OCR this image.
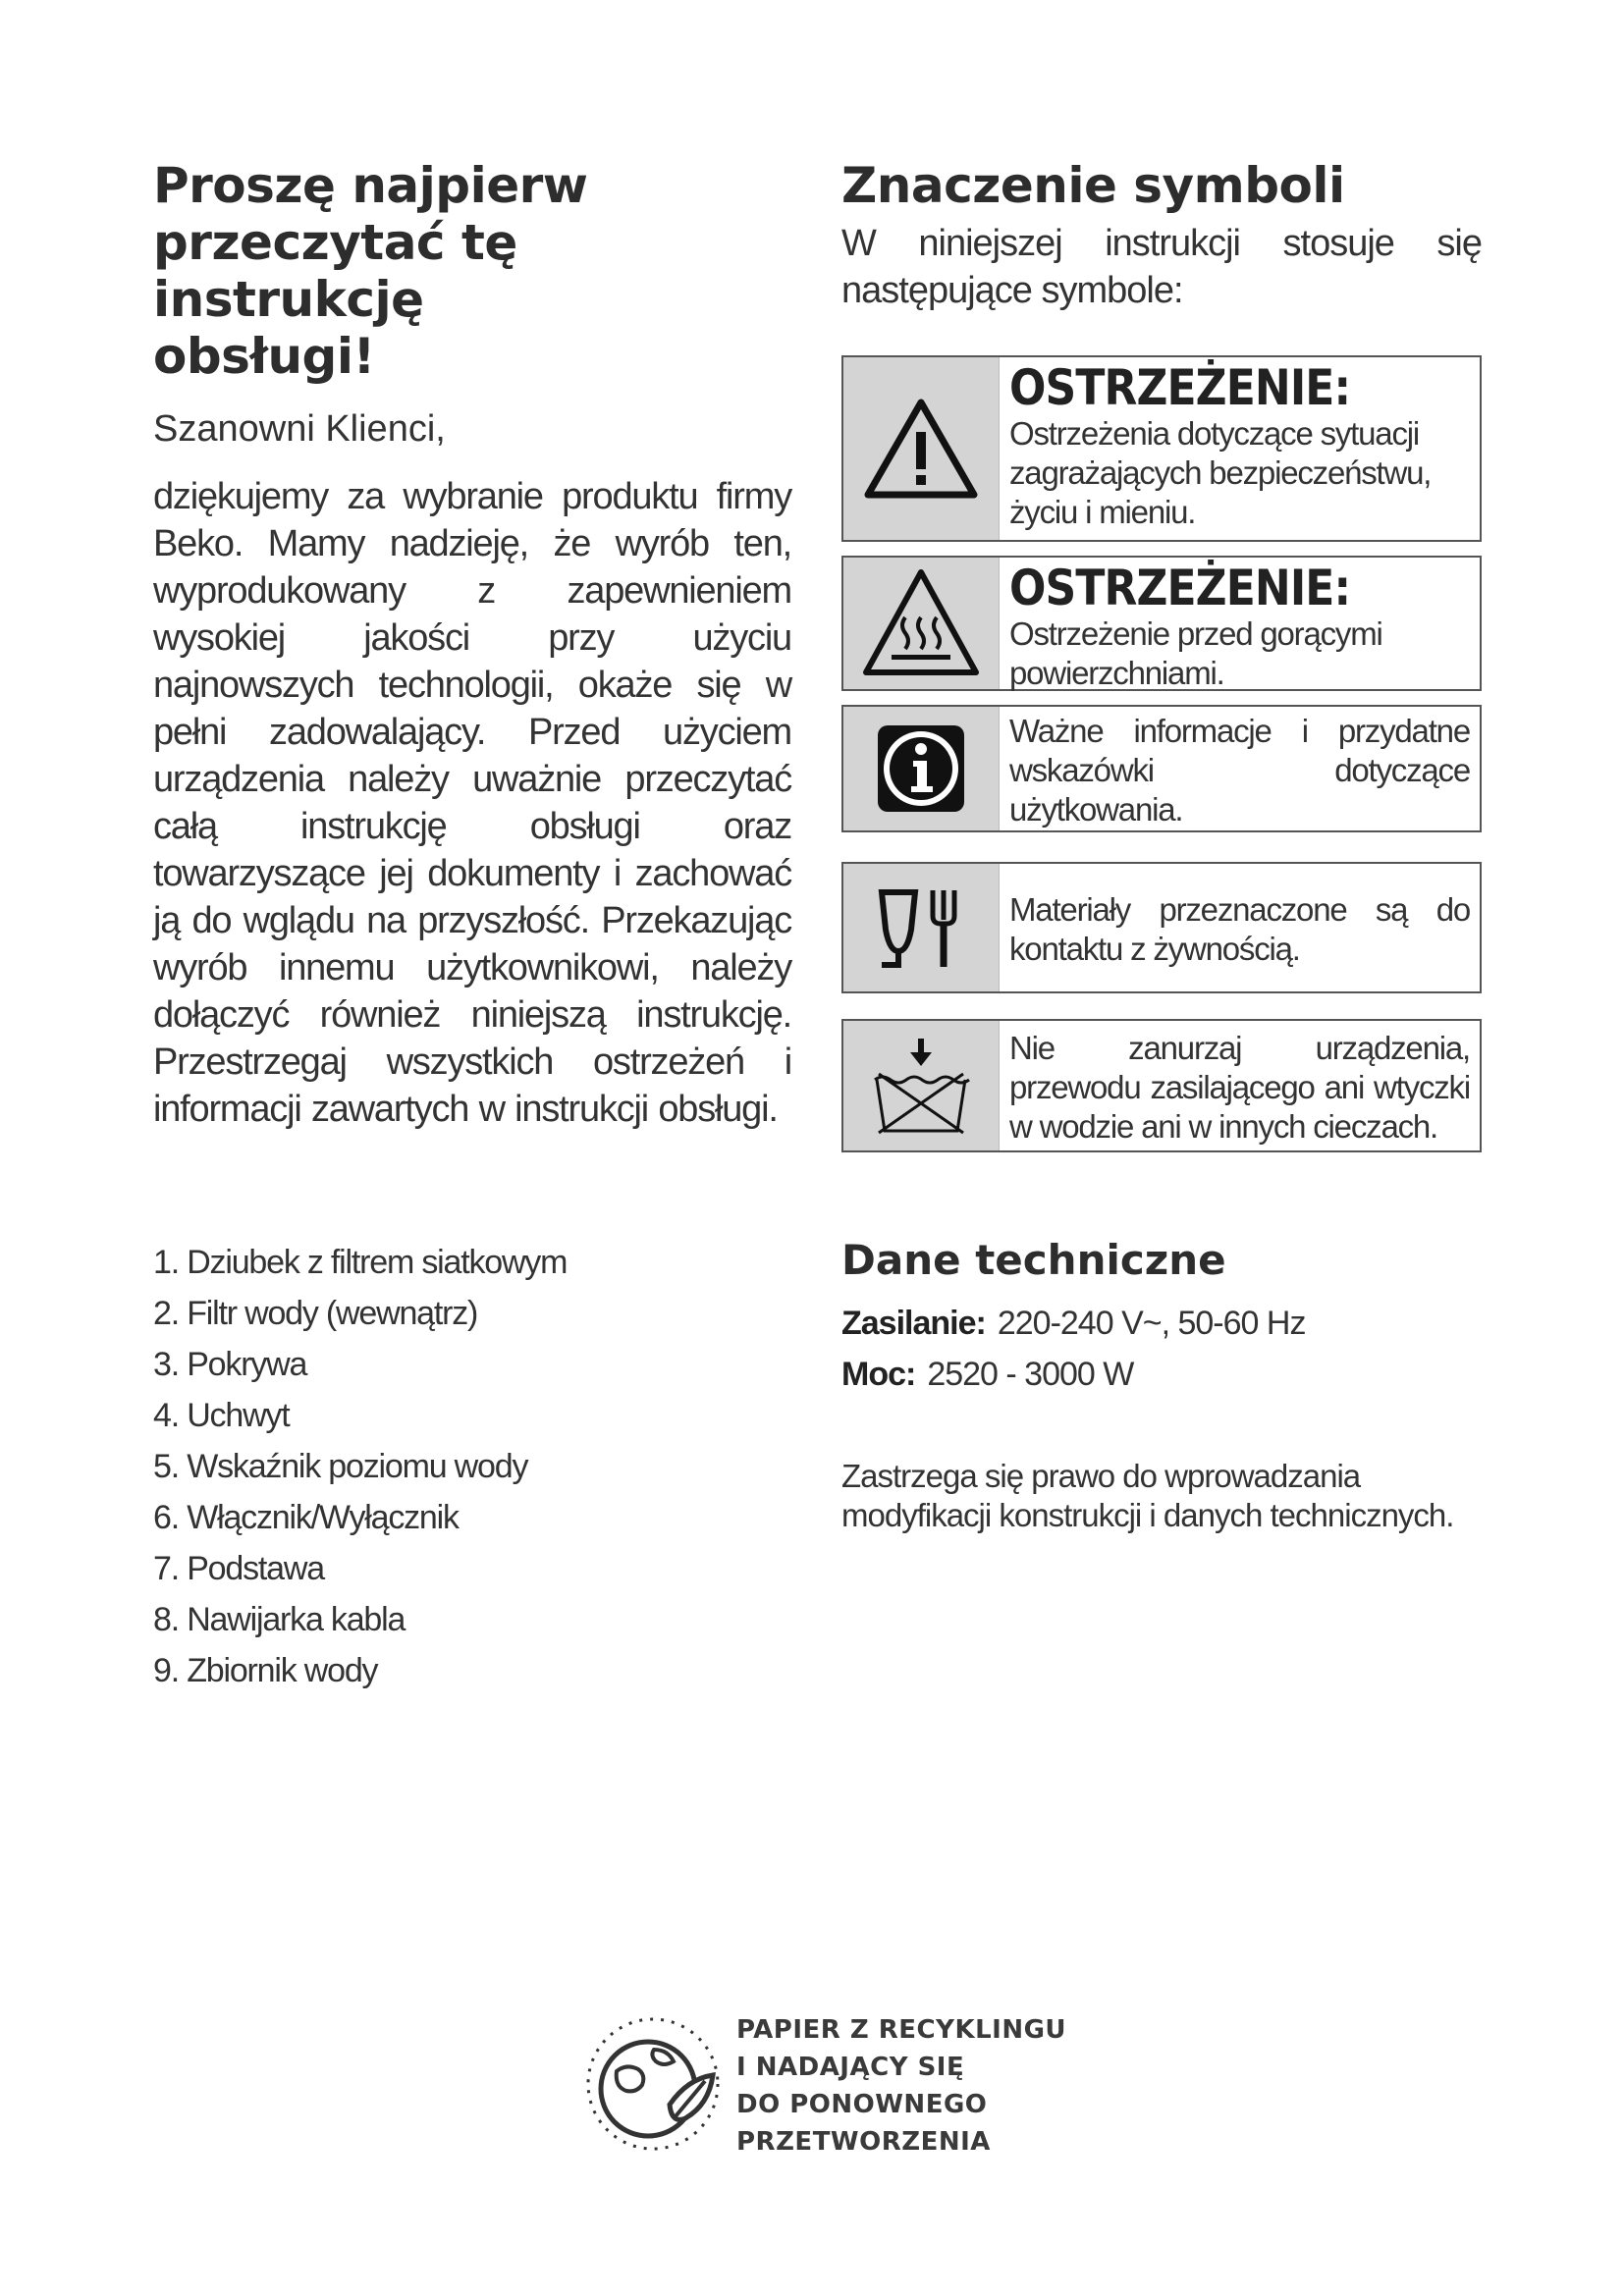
Proszę najpierw
przeczytać tę instrukcję
obsługi!

Szanowni Klienci,

dziękujemy za wybranie produktu firmy Beko. Mamy nadzieję, że wyrób ten, wyprodukowany z zapewnieniem wysokiej jakości przy użyciu najnowszych technologii, okaże się w pełni zadowalający. Przed użyciem urządzenia należy uważnie przeczytać całą instrukcję obsługi oraz towarzyszące jej dokumenty i zachować ją do wglądu na przyszłość. Przekazując wyrób innemu użytkownikowi, należy dołączyć również niniejszą instrukcję. Przestrzegaj wszystkich ostrzeżeń i informacji zawartych w instrukcji obsługi.

Znaczenie symboli

W niniejszej instrukcji stosuje się

następujące symbole:

OSTRZEŻENIE:

Ostrzeżenia dotyczące sytuacji zagrażających bezpieczeństwu, życiu i mieniu.

OSTRZEŻENIE:

Ostrzeżenie przed gorącymi powierzchniami.

Ważne informacje i przydatne wskazówki dotyczące użytkowania.

Materiały przeznaczone są do kontaktu z żywnością.

Nie zanurzaj urządzenia, przewodu zasilającego ani wtyczki w wodzie ani w innych cieczach.

1. Dziubek z filtrem siatkowym
2. Filtr wody (wewnątrz)
3. Pokrywa
4. Uchwyt
5. Wskaźnik poziomu wody
6. Włącznik/Wyłącznik
7. Podstawa
8. Nawijarka kabla
9. Zbiornik wody
Dane techniczne
Zasilanie: 220-240 V~, 50-60 Hz
Moc: 2520 - 3000 W

Zastrzega się prawo do wprowadzania modyfikacji konstrukcji i danych technicznych.

PAPIER Z RECYKLINGU
I NADAJĄCY SIĘ
DO PONOWNEGO
PRZETWORZENIA
